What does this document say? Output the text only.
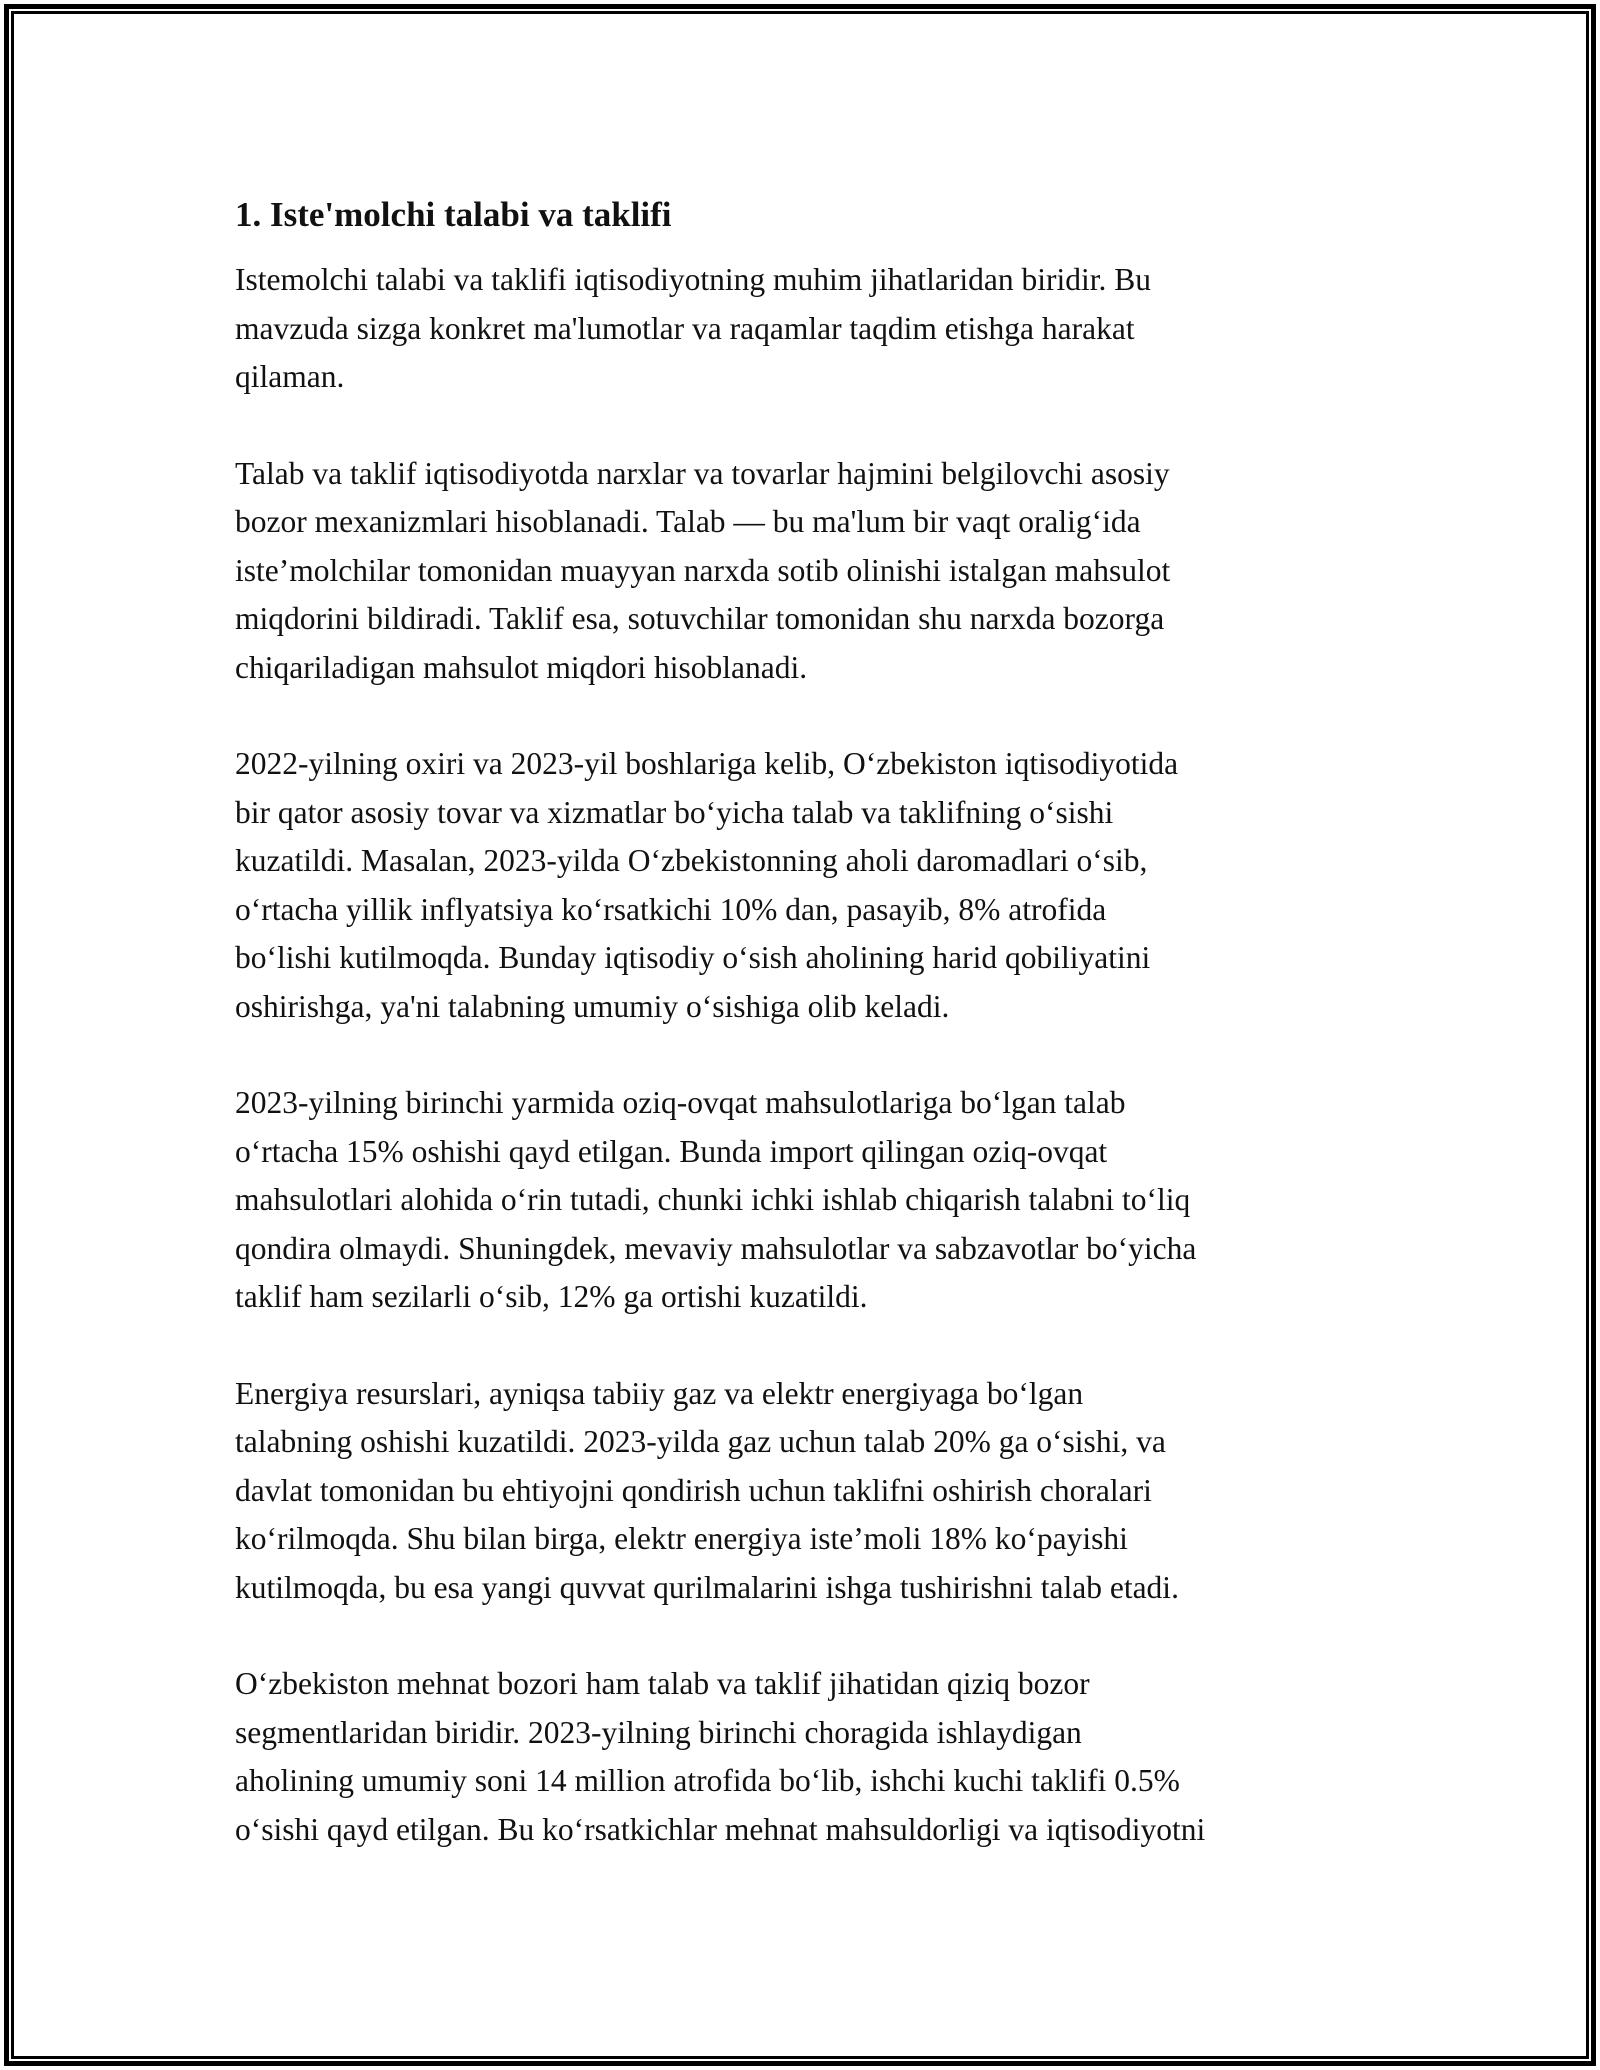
1. Iste'molchi talabi va taklifi

Istemolchi talabi va taklifi iqtisodiyotning muhim jihatlaridan biridir. Bu
mavzuda sizga konkret ma'lumotlar va raqamlar taqdim etishga harakat
qilaman.

Talab va taklif iqtisodiyotda narxlar va tovarlar hajmini belgilovchi asosiy
bozor mexanizmlari hisoblanadi. Talab — bu ma'lum bir vaqt oralig‘ida
iste’molchilar tomonidan muayyan narxda sotib olinishi istalgan mahsulot
miqdorini bildiradi. Taklif esa, sotuvchilar tomonidan shu narxda bozorga
chiqariladigan mahsulot miqdori hisoblanadi.

2022-yilning oxiri va 2023-yil boshlariga kelib, O‘zbekiston iqtisodiyotida
bir qator asosiy tovar va xizmatlar bo‘yicha talab va taklifning o‘sishi
kuzatildi. Masalan, 2023-yilda O‘zbekistonning aholi daromadlari o‘sib,
o‘rtacha yillik inflyatsiya ko‘rsatkichi 10% dan, pasayib, 8% atrofida
bo‘lishi kutilmoqda. Bunday iqtisodiy o‘sish aholining harid qobiliyatini
oshirishga, ya'ni talabning umumiy o‘sishiga olib keladi.

2023-yilning birinchi yarmida oziq-ovqat mahsulotlariga bo‘lgan talab
o‘rtacha 15% oshishi qayd etilgan. Bunda import qilingan oziq-ovqat
mahsulotlari alohida o‘rin tutadi, chunki ichki ishlab chiqarish talabni to‘liq
qondira olmaydi. Shuningdek, mevaviy mahsulotlar va sabzavotlar bo‘yicha
taklif ham sezilarli o‘sib, 12% ga ortishi kuzatildi.

Energiya resurslari, ayniqsa tabiiy gaz va elektr energiyaga bo‘lgan
talabning oshishi kuzatildi. 2023-yilda gaz uchun talab 20% ga o‘sishi, va
davlat tomonidan bu ehtiyojni qondirish uchun taklifni oshirish choralari
ko‘rilmoqda. Shu bilan birga, elektr energiya iste’moli 18% ko‘payishi
kutilmoqda, bu esa yangi quvvat qurilmalarini ishga tushirishni talab etadi.

O‘zbekiston mehnat bozori ham talab va taklif jihatidan qiziq bozor
segmentlaridan biridir. 2023-yilning birinchi choragida ishlaydigan
aholining umumiy soni 14 million atrofida bo‘lib, ishchi kuchi taklifi 0.5%
o‘sishi qayd etilgan. Bu ko‘rsatkichlar mehnat mahsuldorligi va iqtisodiyotni
